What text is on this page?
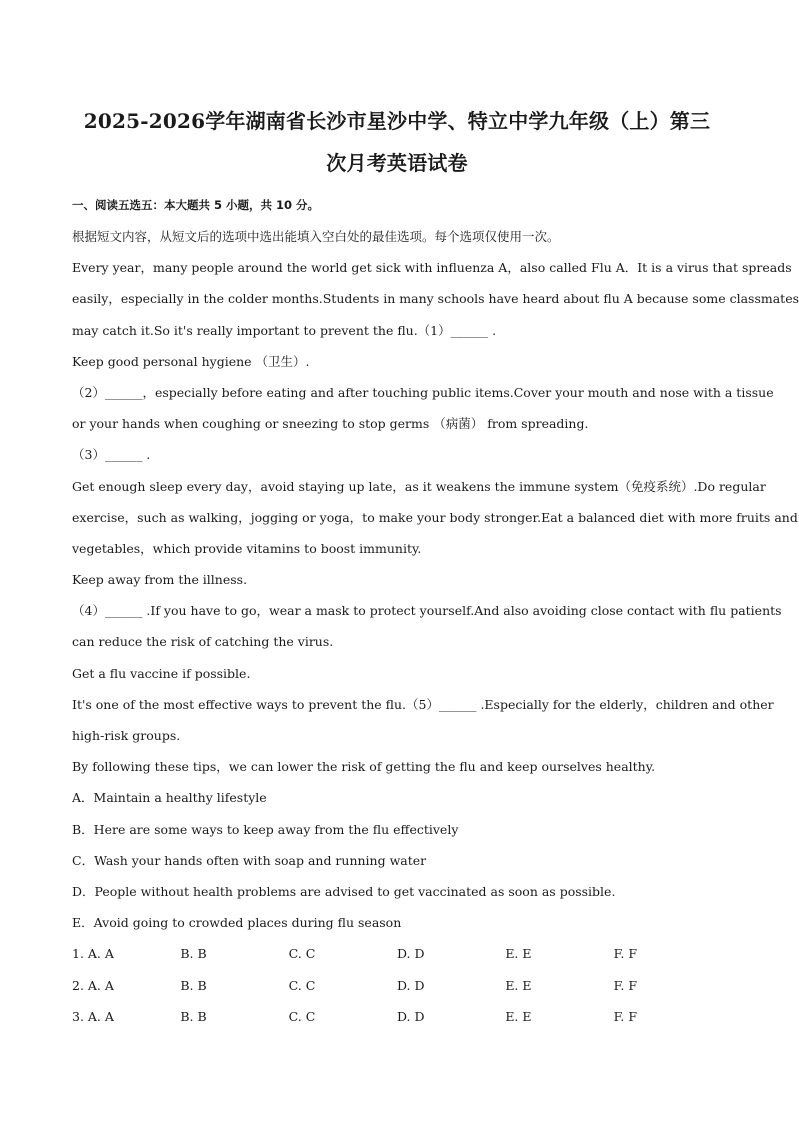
2025-2026学年湖南省长沙市星沙中学、特立中学九年级（上）第三
次月考英语试卷
一、阅读五选五：本大题共 5 小题，共 10 分。
根据短文内容，从短文后的选项中选出能填入空白处的最佳选项。每个选项仅使用一次。
Every year，many people around the world get sick with influenza A，also called Flu A．It is a virus that spreads
easily，especially in the colder months.Students in many schools have heard about flu A because some classmates
may catch it.So it's really important to prevent the flu.（1）______ .
Keep good personal hygiene （卫生）.
（2）______，especially before eating and after touching public items.Cover your mouth and nose with a tissue
or your hands when coughing or sneezing to stop germs （病菌） from spreading.
（3）______ .
Get enough sleep every day，avoid staying up late，as it weakens the immune system（免疫系统）.Do regular
exercise，such as walking，jogging or yoga，to make your body stronger.Eat a balanced diet with more fruits and
vegetables，which provide vitamins to boost immunity.
Keep away from the illness.
（4）______ .If you have to go，wear a mask to protect yourself.And also avoiding close contact with flu patients
can reduce the risk of catching the virus.
Get a flu vaccine if possible.
It's one of the most effective ways to prevent the flu.（5）______ .Especially for the elderly，children and other
high-risk groups.
By following these tips，we can lower the risk of getting the flu and keep ourselves healthy.
A．Maintain a healthy lifestyle
B．Here are some ways to keep away from the flu effectively
C．Wash your hands often with soap and running water
D．People without health problems are advised to get vaccinated as soon as possible.
E．Avoid going to crowded places during flu season
1. A. A	B. B	C. C	D. D	E. E	F. F
2. A. A	B. B	C. C	D. D	E. E	F. F
3. A. A	B. B	C. C	D. D	E. E	F. F
